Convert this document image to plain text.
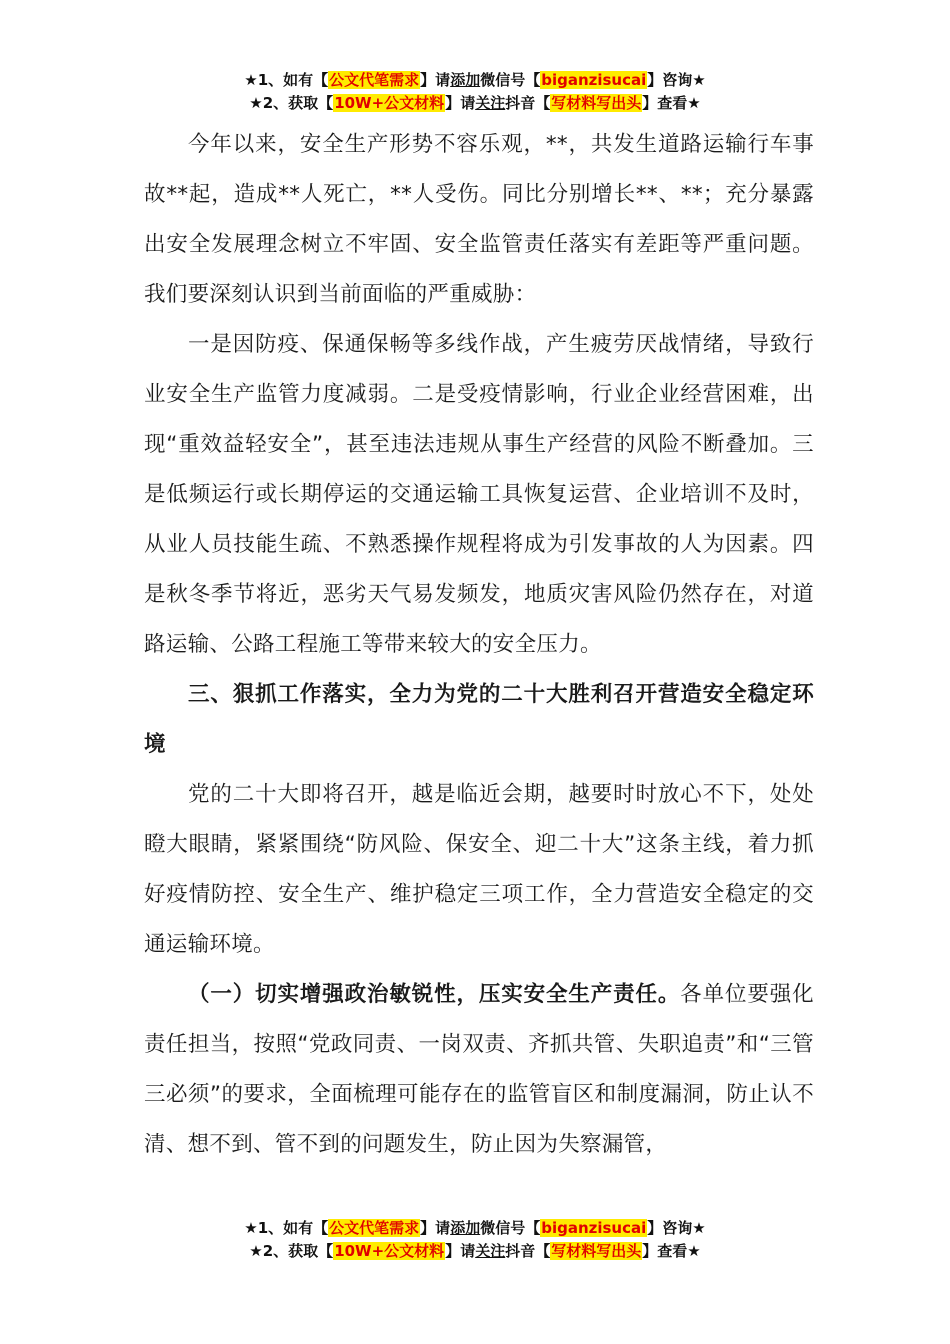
★1、如有【公文代笔需求】请添加微信号【biganzisucai】咨询★
★2、获取【10W+公文材料】请关注抖音【写材料写出头】查看★

今年以来，安全生产形势不容乐观，**，共发生道路运输行车事故**起，造成**人死亡，**人受伤。同比分别增长**、**；充分暴露出安全发展理念树立不牢固、安全监管责任落实有差距等严重问题。我们要深刻认识到当前面临的严重威胁：

一是因防疫、保通保畅等多线作战，产生疲劳厌战情绪，导致行业安全生产监管力度减弱。二是受疫情影响，行业企业经营困难，出现“重效益轻安全”，甚至违法违规从事生产经营的风险不断叠加。三是低频运行或长期停运的交通运输工具恢复运营、企业培训不及时，从业人员技能生疏、不熟悉操作规程将成为引发事故的人为因素。四是秋冬季节将近，恶劣天气易发频发，地质灾害风险仍然存在，对道路运输、公路工程施工等带来较大的安全压力。

三、狠抓工作落实，全力为党的二十大胜利召开营造安全稳定环境

党的二十大即将召开，越是临近会期，越要时时放心不下，处处瞪大眼睛，紧紧围绕“防风险、保安全、迎二十大”这条主线，着力抓好疫情防控、安全生产、维护稳定三项工作，全力营造安全稳定的交通运输环境。

（一）切实增强政治敏锐性，压实安全生产责任。各单位要强化责任担当，按照“党政同责、一岗双责、齐抓共管、失职追责”和“三管三必须”的要求，全面梳理可能存在的监管盲区和制度漏洞，防止认不清、想不到、管不到的问题发生，防止因为失察漏管，

★1、如有【公文代笔需求】请添加微信号【biganzisucai】咨询★
★2、获取【10W+公文材料】请关注抖音【写材料写出头】查看★
